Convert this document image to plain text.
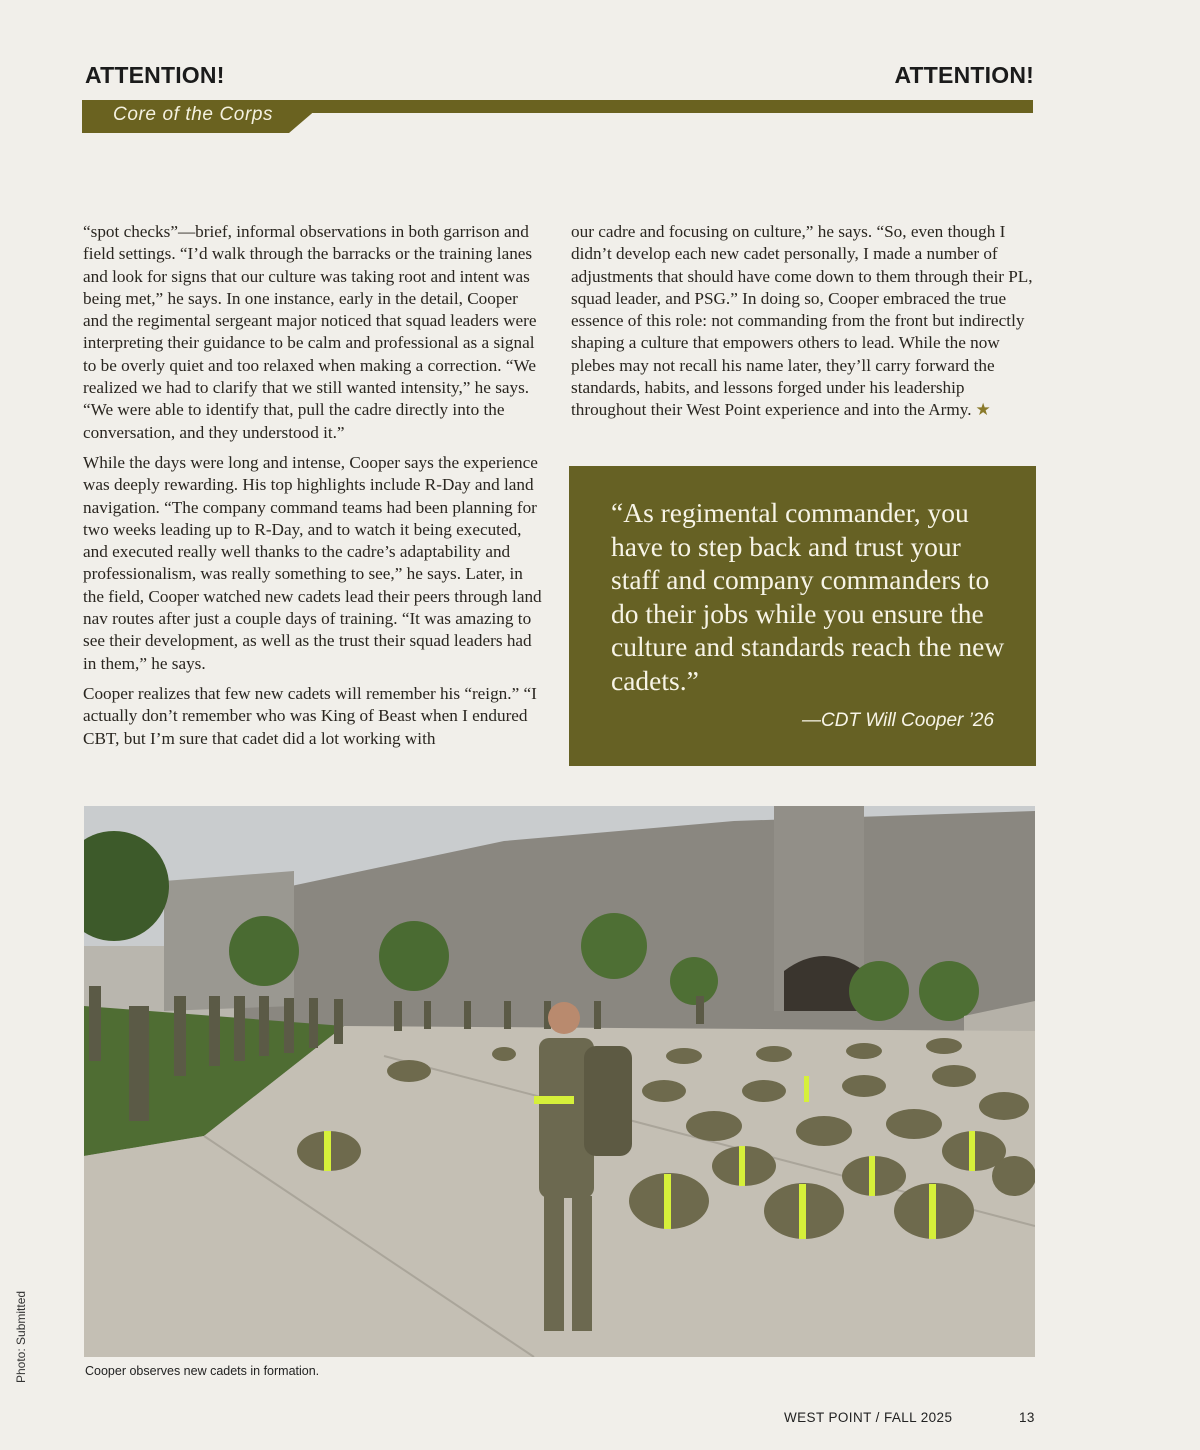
ATTENTION!	ATTENTION!
Core of the Corps

“spot checks”—brief, informal observations in both garrison and field settings. “I’d walk through the barracks or the training lanes and look for signs that our culture was taking root and intent was being met,” he says. In one instance, early in the detail, Cooper and the regimental sergeant major noticed that squad leaders were interpreting their guidance to be calm and professional as a signal to be overly quiet and too relaxed when making a correction. “We realized we had to clarify that we still wanted intensity,” he says. “We were able to identify that, pull the cadre directly into the conversation, and they understood it.”

While the days were long and intense, Cooper says the experience was deeply rewarding. His top highlights include R-Day and land navigation. “The company command teams had been planning for two weeks leading up to R-Day, and to watch it being executed, and executed really well thanks to the cadre’s adaptability and professionalism, was really something to see,” he says. Later, in the field, Cooper watched new cadets lead their peers through land nav routes after just a couple days of training. “It was amazing to see their development, as well as the trust their squad leaders had in them,” he says.

Cooper realizes that few new cadets will remember his “reign.” “I actually don’t remember who was King of Beast when I endured CBT, but I’m sure that cadet did a lot working with

our cadre and focusing on culture,” he says. “So, even though I didn’t develop each new cadet personally, I made a number of adjustments that should have come down to them through their PL, squad leader, and PSG.” In doing so, Cooper embraced the true essence of this role: not commanding from the front but indirectly shaping a culture that empowers others to lead. While the now plebes may not recall his name later, they’ll carry forward the standards, habits, and lessons forged under his leadership throughout their West Point experience and into the Army. ★

“As regimental commander, you have to step back and trust your staff and company commanders to do their jobs while you ensure the culture and standards reach the new cadets.”
—CDT Will Cooper ’26
Cooper observes new cadets in formation.
Photo: Submitted
WEST POINT / FALL 2025	13
